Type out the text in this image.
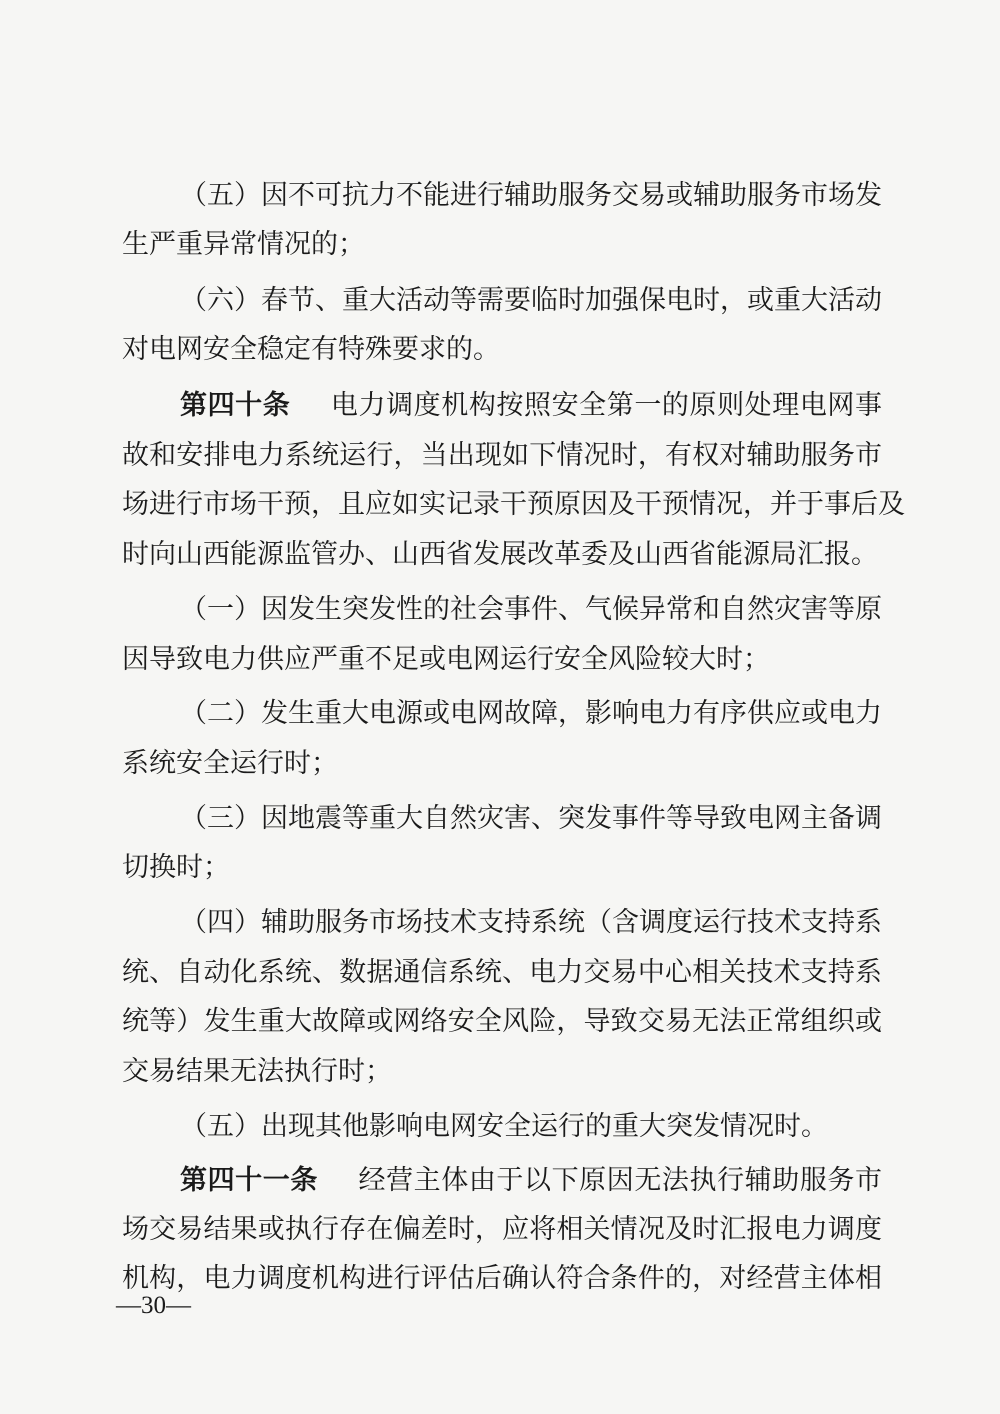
（五）因不可抗力不能进行辅助服务交易或辅助服务市场发
生严重异常情况的；
（六）春节、重大活动等需要临时加强保电时，或重大活动
对电网安全稳定有特殊要求的。
第四十条 电力调度机构按照安全第一的原则处理电网事
故和安排电力系统运行，当出现如下情况时，有权对辅助服务市
场进行市场干预，且应如实记录干预原因及干预情况，并于事后及
时向山西能源监管办、山西省发展改革委及山西省能源局汇报。
（一）因发生突发性的社会事件、气候异常和自然灾害等原
因导致电力供应严重不足或电网运行安全风险较大时；
（二）发生重大电源或电网故障，影响电力有序供应或电力
系统安全运行时；
（三）因地震等重大自然灾害、突发事件等导致电网主备调
切换时；
（四）辅助服务市场技术支持系统（含调度运行技术支持系
统、自动化系统、数据通信系统、电力交易中心相关技术支持系
统等）发生重大故障或网络安全风险，导致交易无法正常组织或
交易结果无法执行时；
（五）出现其他影响电网安全运行的重大突发情况时。
第四十一条 经营主体由于以下原因无法执行辅助服务市
场交易结果或执行存在偏差时，应将相关情况及时汇报电力调度
机构，电力调度机构进行评估后确认符合条件的，对经营主体相
—30—
